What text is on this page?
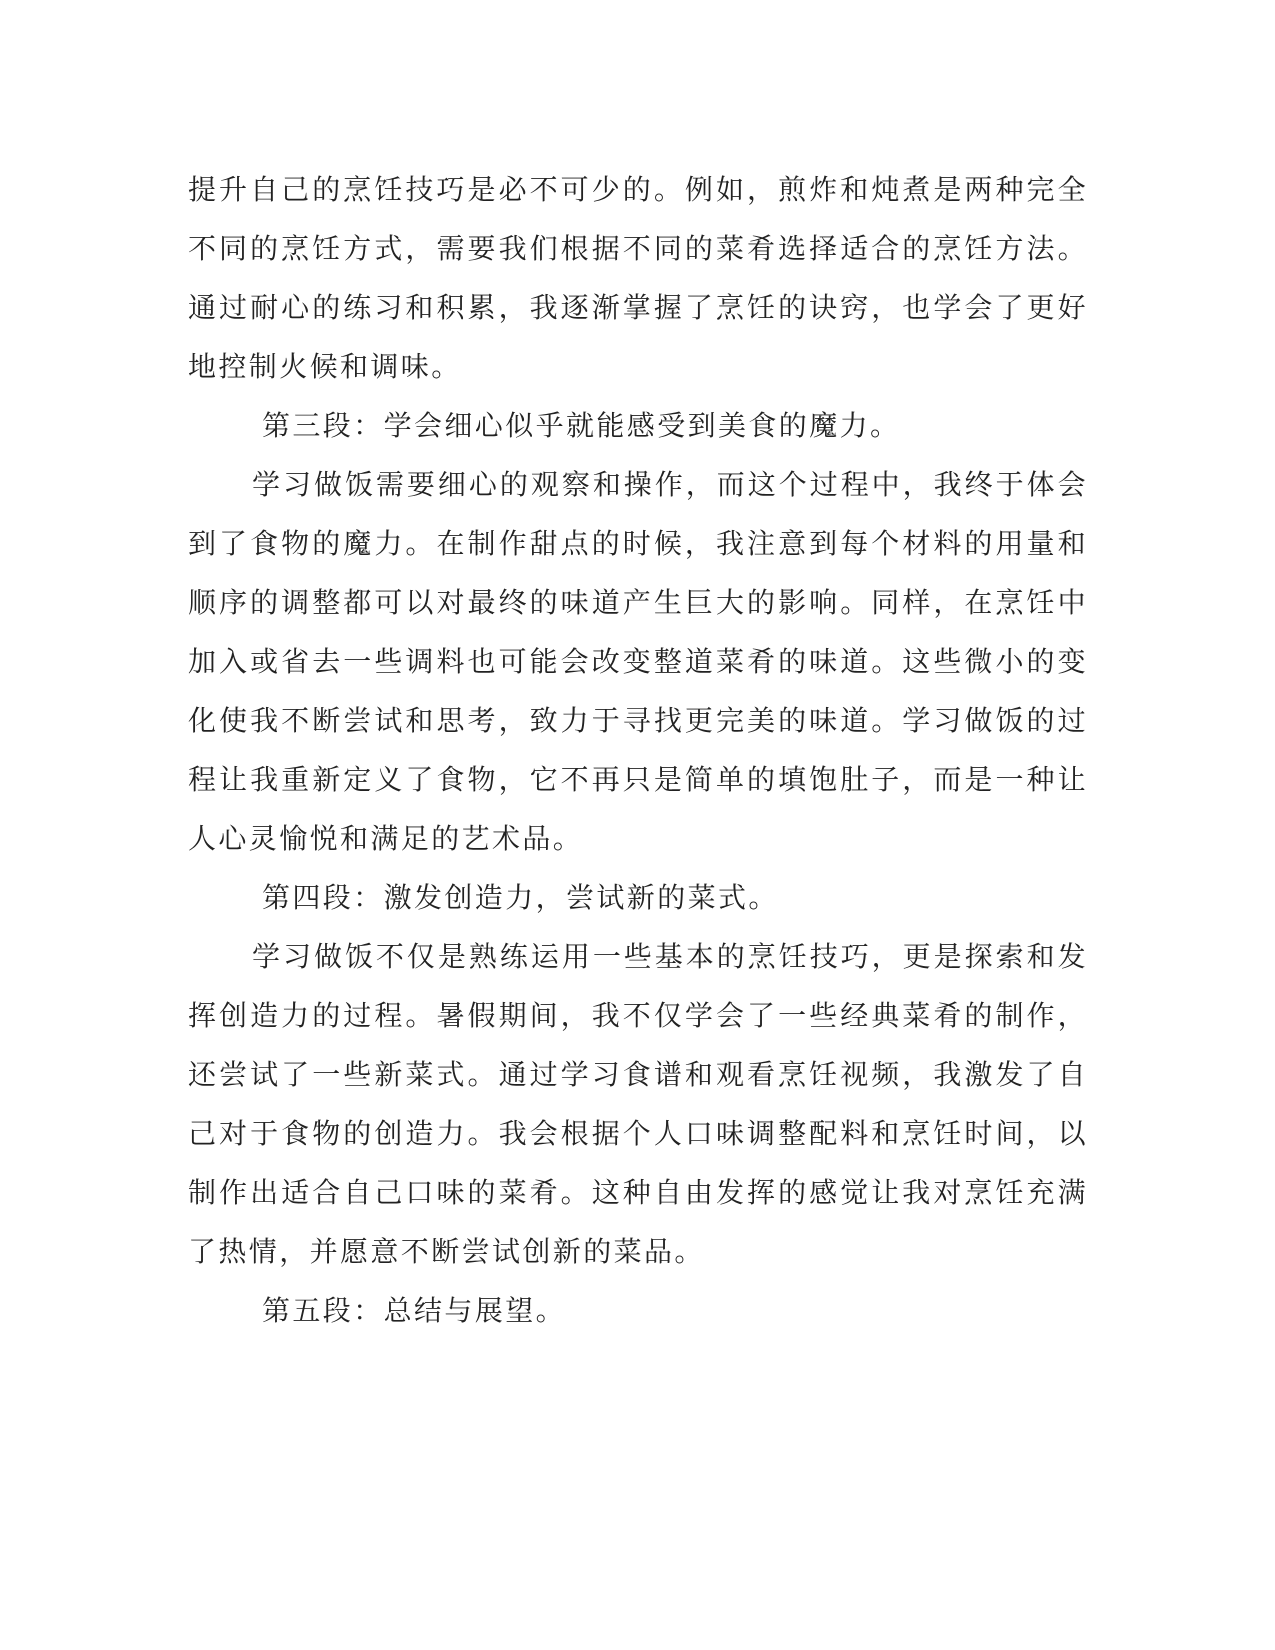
提升自己的烹饪技巧是必不可少的。例如，煎炸和炖煮是两种完全不同的烹饪方式，需要我们根据不同的菜肴选择适合的烹饪方法。通过耐心的练习和积累，我逐渐掌握了烹饪的诀窍，也学会了更好地控制火候和调味。

第三段：学会细心似乎就能感受到美食的魔力。

学习做饭需要细心的观察和操作，而这个过程中，我终于体会到了食物的魔力。在制作甜点的时候，我注意到每个材料的用量和顺序的调整都可以对最终的味道产生巨大的影响。同样，在烹饪中加入或省去一些调料也可能会改变整道菜肴的味道。这些微小的变化使我不断尝试和思考，致力于寻找更完美的味道。学习做饭的过程让我重新定义了食物，它不再只是简单的填饱肚子，而是一种让人心灵愉悦和满足的艺术品。

第四段：激发创造力，尝试新的菜式。

学习做饭不仅是熟练运用一些基本的烹饪技巧，更是探索和发挥创造力的过程。暑假期间，我不仅学会了一些经典菜肴的制作，还尝试了一些新菜式。通过学习食谱和观看烹饪视频，我激发了自己对于食物的创造力。我会根据个人口味调整配料和烹饪时间，以制作出适合自己口味的菜肴。这种自由发挥的感觉让我对烹饪充满了热情，并愿意不断尝试创新的菜品。

第五段：总结与展望。
